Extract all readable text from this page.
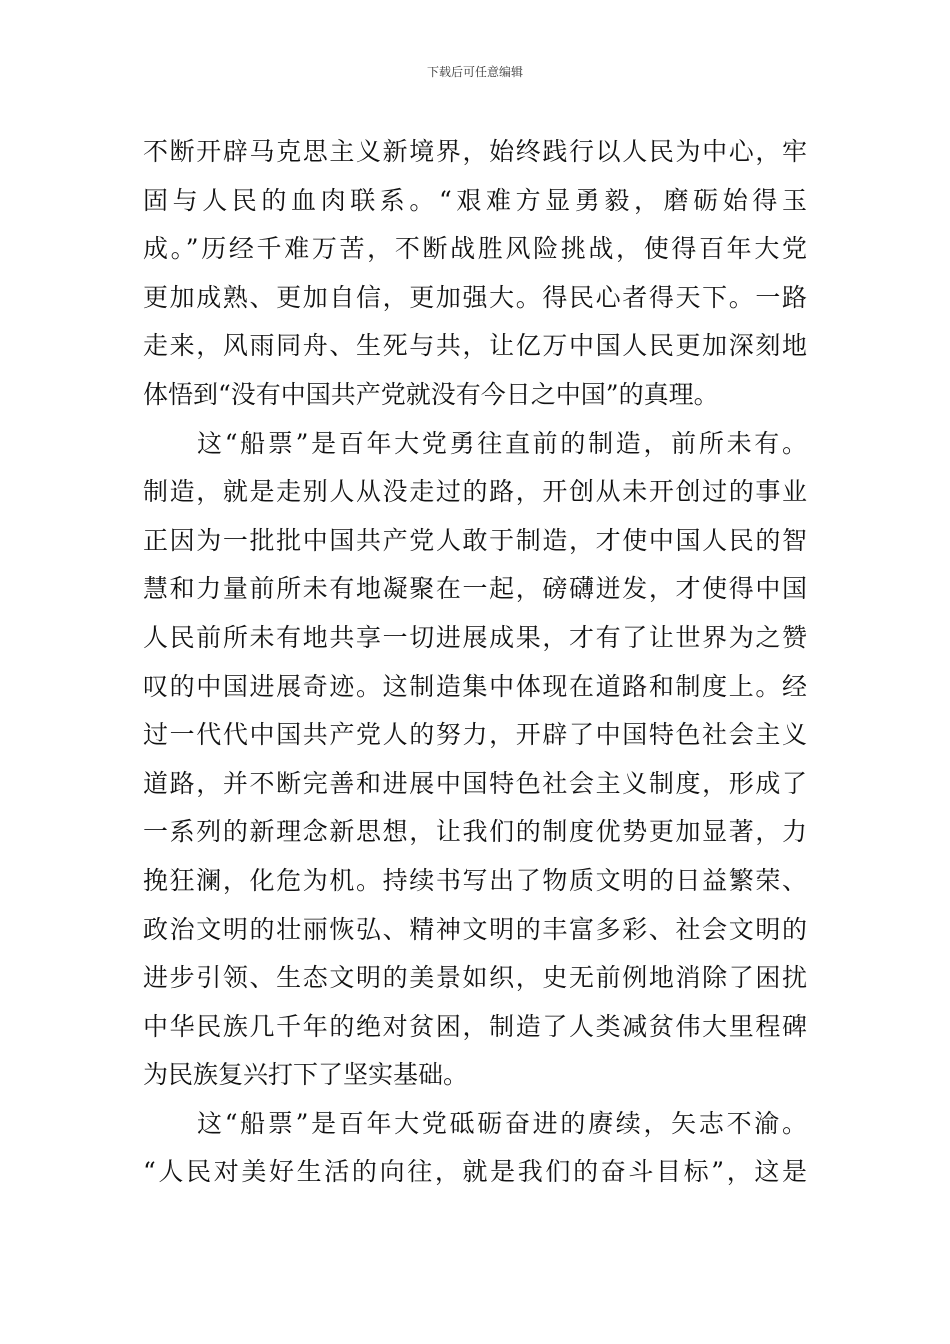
下载后可任意编辑
不断开辟马克思主义新境界，始终践行以人民为中心，牢
固与人民的血肉联系。“艰难方显勇毅，磨砺始得玉
成。”历经千难万苦，不断战胜风险挑战，使得百年大党
更加成熟、更加自信，更加强大。得民心者得天下。一路
走来，风雨同舟、生死与共，让亿万中国人民更加深刻地
体悟到“没有中国共产党就没有今日之中国”的真理。
这“船票”是百年大党勇往直前的制造，前所未有。
制造，就是走别人从没走过的路，开创从未开创过的事业
正因为一批批中国共产党人敢于制造，才使中国人民的智
慧和力量前所未有地凝聚在一起，磅礴迸发，才使得中国
人民前所未有地共享一切进展成果，才有了让世界为之赞
叹的中国进展奇迹。这制造集中体现在道路和制度上。经
过一代代中国共产党人的努力，开辟了中国特色社会主义
道路，并不断完善和进展中国特色社会主义制度，形成了
一系列的新理念新思想，让我们的制度优势更加显著，力
挽狂澜，化危为机。持续书写出了物质文明的日益繁荣、
政治文明的壮丽恢弘、精神文明的丰富多彩、社会文明的
进步引领、生态文明的美景如织，史无前例地消除了困扰
中华民族几千年的绝对贫困，制造了人类减贫伟大里程碑
为民族复兴打下了坚实基础。
这“船票”是百年大党砥砺奋进的赓续，矢志不渝。
“人民对美好生活的向往，就是我们的奋斗目标”，这是
